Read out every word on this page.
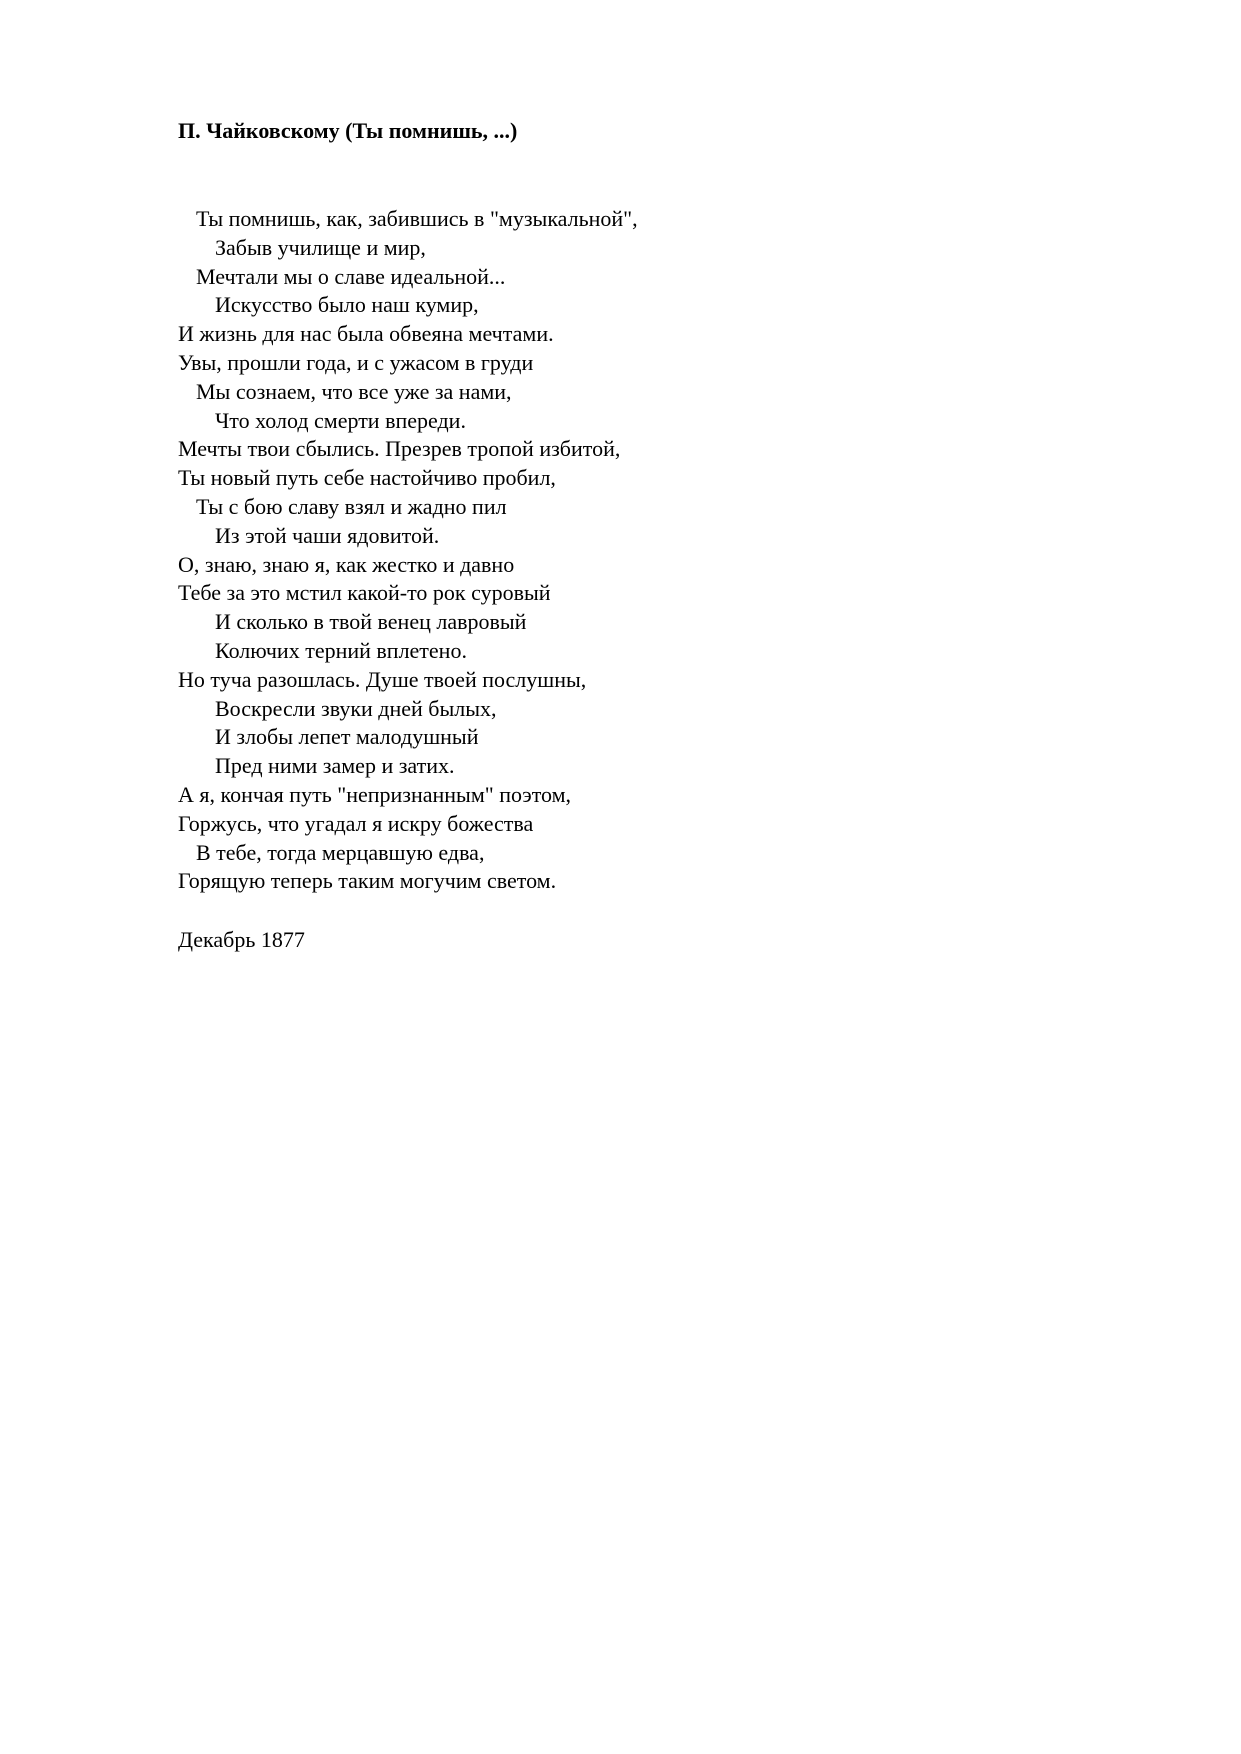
П. Чайковскому (Ты помнишь, ...)
Ты помнишь, как, забившись в "музыкальной",
Забыв училище и мир,
Мечтали мы о славе идеальной...
Искусство было наш кумир,
И жизнь для нас была обвеяна мечтами.
Увы, прошли года, и с ужасом в груди
Мы сознаем, что все уже за нами,
Что холод смерти впереди.
Мечты твои сбылись. Презрев тропой избитой,
Ты новый путь себе настойчиво пробил,
Ты с бою славу взял и жадно пил
Из этой чаши ядовитой.
О, знаю, знаю я, как жестко и давно
Тебе за это мстил какой-то рок суровый
И сколько в твой венец лавровый
Колючих терний вплетено.
Но туча разошлась. Душе твоей послушны,
Воскресли звуки дней былых,
И злобы лепет малодушный
Пред ними замер и затих.
А я, кончая путь "непризнанным" поэтом,
Горжусь, что угадал я искру божества
В тебе, тогда мерцавшую едва,
Горящую теперь таким могучим светом.
Декабрь 1877
